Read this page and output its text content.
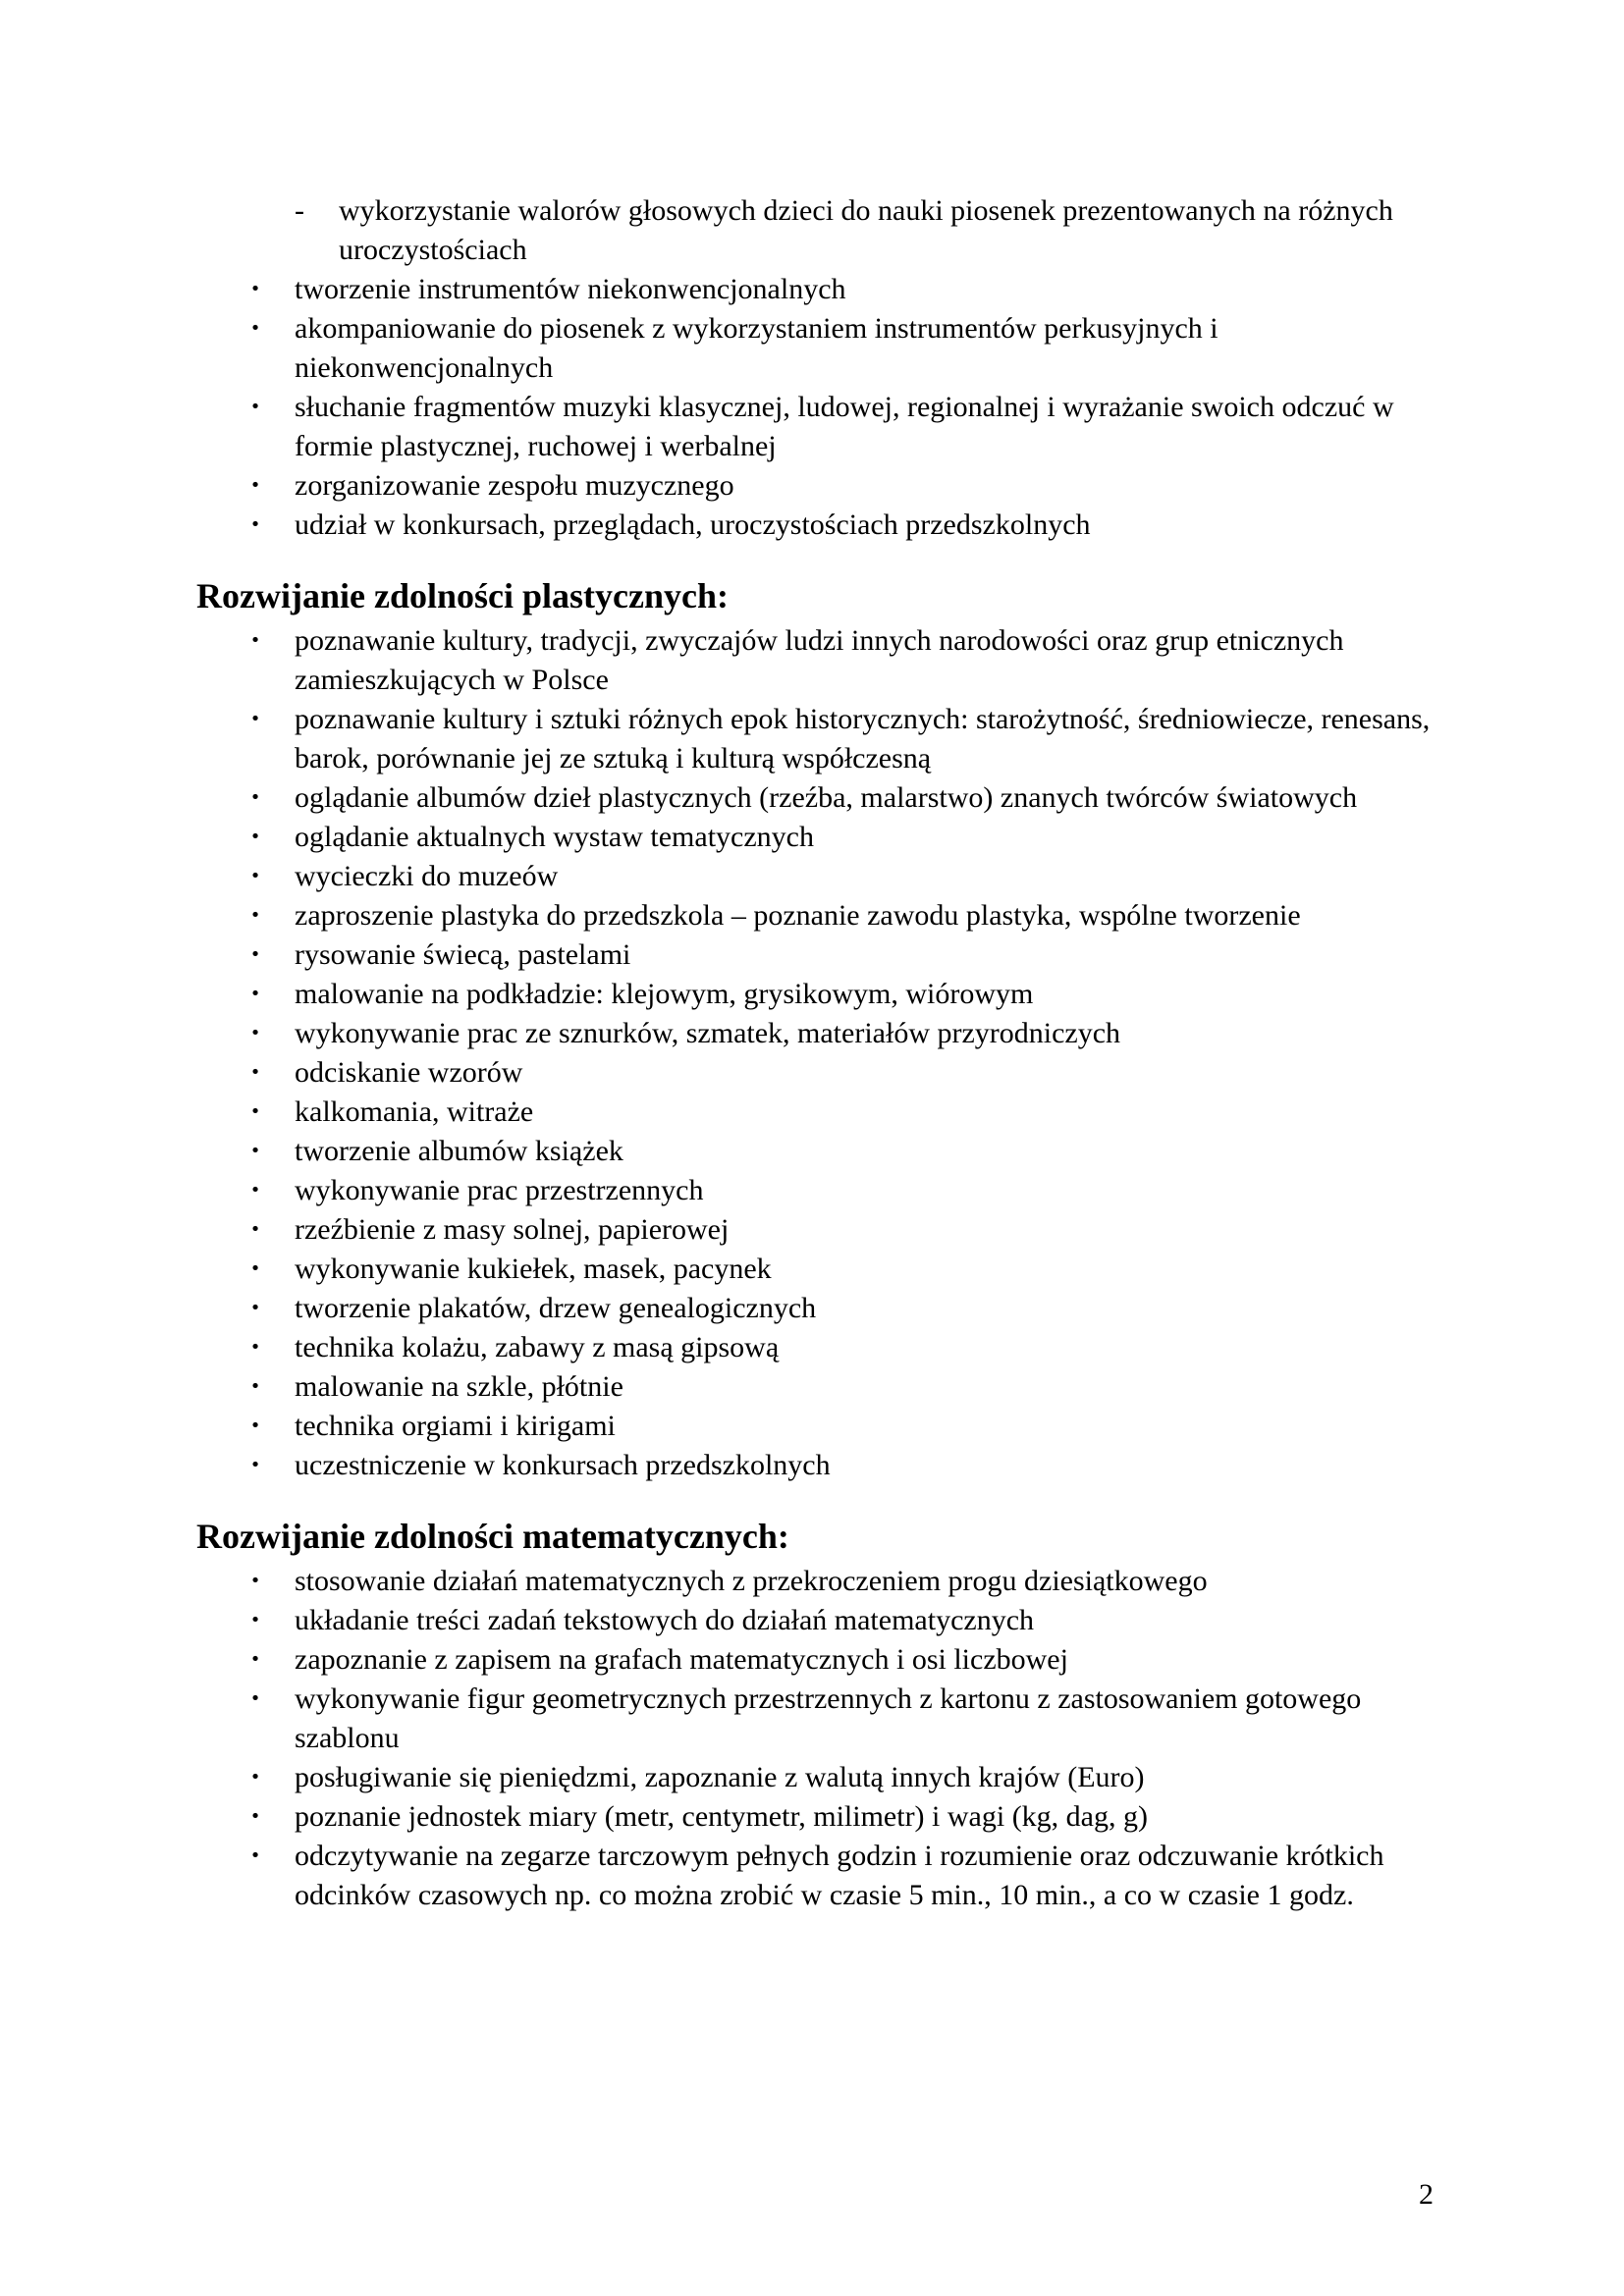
- wykorzystanie walorów głosowych dzieci do nauki piosenek prezentowanych na różnych uroczystościach
• tworzenie instrumentów niekonwencjonalnych
• akompaniowanie do piosenek z wykorzystaniem instrumentów perkusyjnych i niekonwencjonalnych
• słuchanie fragmentów muzyki klasycznej, ludowej, regionalnej i wyrażanie swoich odczuć w formie plastycznej, ruchowej i werbalnej
• zorganizowanie zespołu muzycznego
• udział w konkursach, przeglądach, uroczystościach przedszkolnych
Rozwijanie zdolności plastycznych:
• poznawanie kultury, tradycji, zwyczajów ludzi innych narodowości oraz grup etnicznych zamieszkujących w Polsce
• poznawanie kultury i sztuki różnych epok historycznych: starożytność, średniowiecze, renesans, barok, porównanie jej ze sztuką i kulturą współczesną
• oglądanie albumów dzieł plastycznych (rzeźba, malarstwo) znanych twórców światowych
• oglądanie aktualnych wystaw tematycznych
• wycieczki do muzeów
• zaproszenie plastyka do przedszkola – poznanie zawodu plastyka, wspólne tworzenie
• rysowanie świecą, pastelami
• malowanie na podkładzie: klejowym, grysikowym, wiórowym
• wykonywanie prac ze sznurków, szmatek, materiałów przyrodniczych
• odciskanie wzorów
• kalkomania, witraże
• tworzenie albumów książek
• wykonywanie prac przestrzennych
• rzeźbienie z masy solnej, papierowej
• wykonywanie kukiełek, masek, pacynek
• tworzenie plakatów, drzew genealogicznych
• technika kolażu, zabawy z masą gipsową
• malowanie na szkle, płótnie
• technika orgiami i kirigami
• uczestniczenie w konkursach przedszkolnych
Rozwijanie zdolności matematycznych:
• stosowanie działań matematycznych z przekroczeniem progu dziesiątkowego
• układanie treści zadań tekstowych do działań matematycznych
• zapoznanie z zapisem na grafach matematycznych i osi liczbowej
• wykonywanie figur geometrycznych przestrzennych z kartonu z zastosowaniem gotowego szablonu
• posługiwanie się pieniędzmi, zapoznanie z walutą innych krajów (Euro)
• poznanie jednostek miary (metr, centymetr, milimetr) i wagi (kg, dag, g)
• odczytywanie na zegarze tarczowym pełnych godzin i rozumienie oraz odczuwanie krótkich odcinków czasowych np. co można zrobić w czasie 5 min., 10 min., a co w czasie 1 godz.
2
